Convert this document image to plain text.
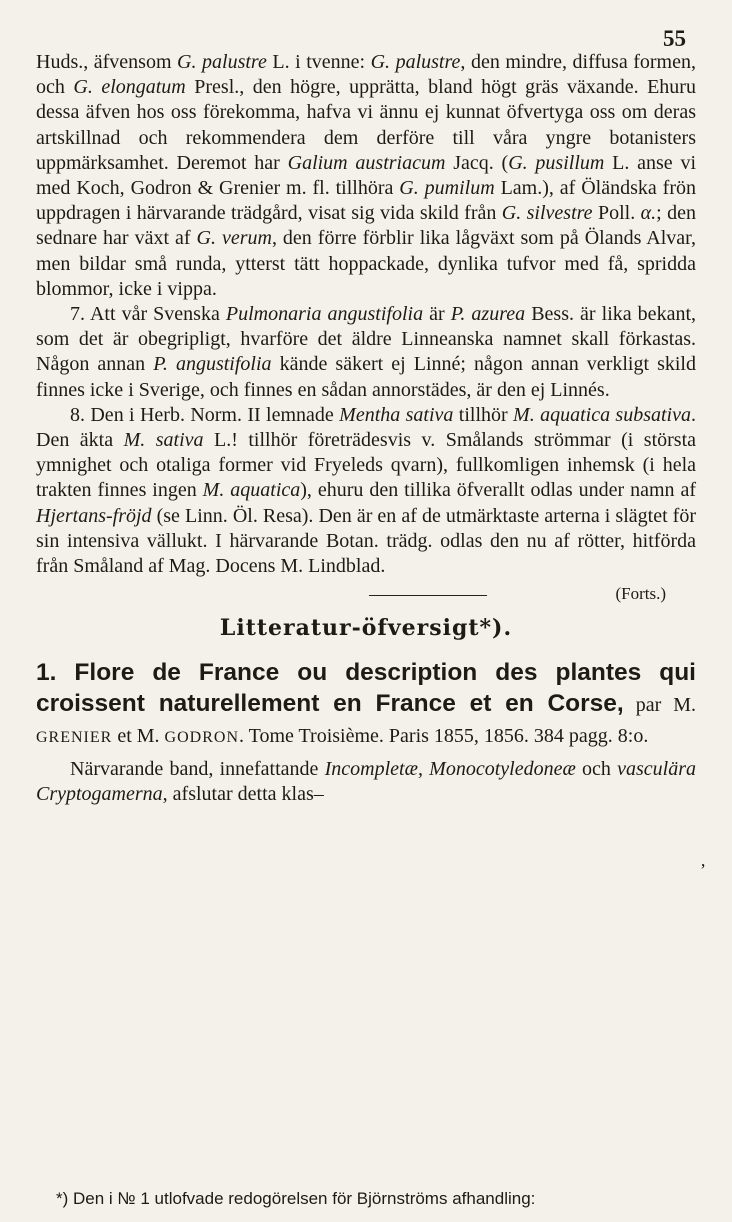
55

Huds., äfvensom G. palustre L. i tvenne: G. palustre, den mindre, diffusa formen, och G. elongatum Presl., den högre, upprätta, bland högt gräs växande. Ehuru dessa äfven hos oss förekomma, hafva vi ännu ej kunnat öfvertyga oss om deras artskillnad och rekommendera dem derföre till våra yngre botanisters uppmärksamhet. Deremot har Galium austriacum Jacq. (G. pusillum L. anse vi med Koch, Godron & Grenier m. fl. tillhöra G. pumilum Lam.), af Öländska frön uppdragen i härvarande trädgård, visat sig vida skild från G. silvestre Poll. α.; den sednare har växt af G. verum, den förre förblir lika lågväxt som på Ölands Alvar, men bildar små runda, ytterst tätt hoppackade, dynlika tufvor med få, spridda blommor, icke i vippa.

7. Att vår Svenska Pulmonaria angustifolia är P. azurea Bess. är lika bekant, som det är obegripligt, hvarföre det äldre Linneanska namnet skall förkastas. Någon annan P. angustifolia kände säkert ej Linné; någon annan verkligt skild finnes icke i Sverige, och finnes en sådan annorstädes, är den ej Linnés.

8. Den i Herb. Norm. II lemnade Mentha sativa tillhör M. aquatica subsativa. Den äkta M. sativa L.! tillhör företrädesvis v. Smålands strömmar (i största ymnighet och otaliga former vid Fryeleds qvarn), fullkomligen inhemsk (i hela trakten finnes ingen M. aquatica), ehuru den tillika öfverallt odlas under namn af Hjertans-fröjd (se Linn. Öl. Resa). Den är en af de utmärktaste arterna i slägtet för sin intensiva vällukt. I härvarande Botan. trädg. odlas den nu af rötter, hitförda från Småland af Mag. Docens M. Lindblad.

(Forts.)
Litteratur-öfversigt*).
1. Flore de France ou description des plantes qui croissent naturellement en France et en Corse, par M. GRENIER et M. GODRON. Tome Troisième. Paris 1855, 1856. 384 pagg. 8:o.

Närvarande band, innefattande Incompletæ, Monocotyledoneæ och vasculära Cryptogamerna, afslutar detta klas–

ʼ
*) Den i № 1 utlofvade redogörelsen för Björnströms afhandling:
